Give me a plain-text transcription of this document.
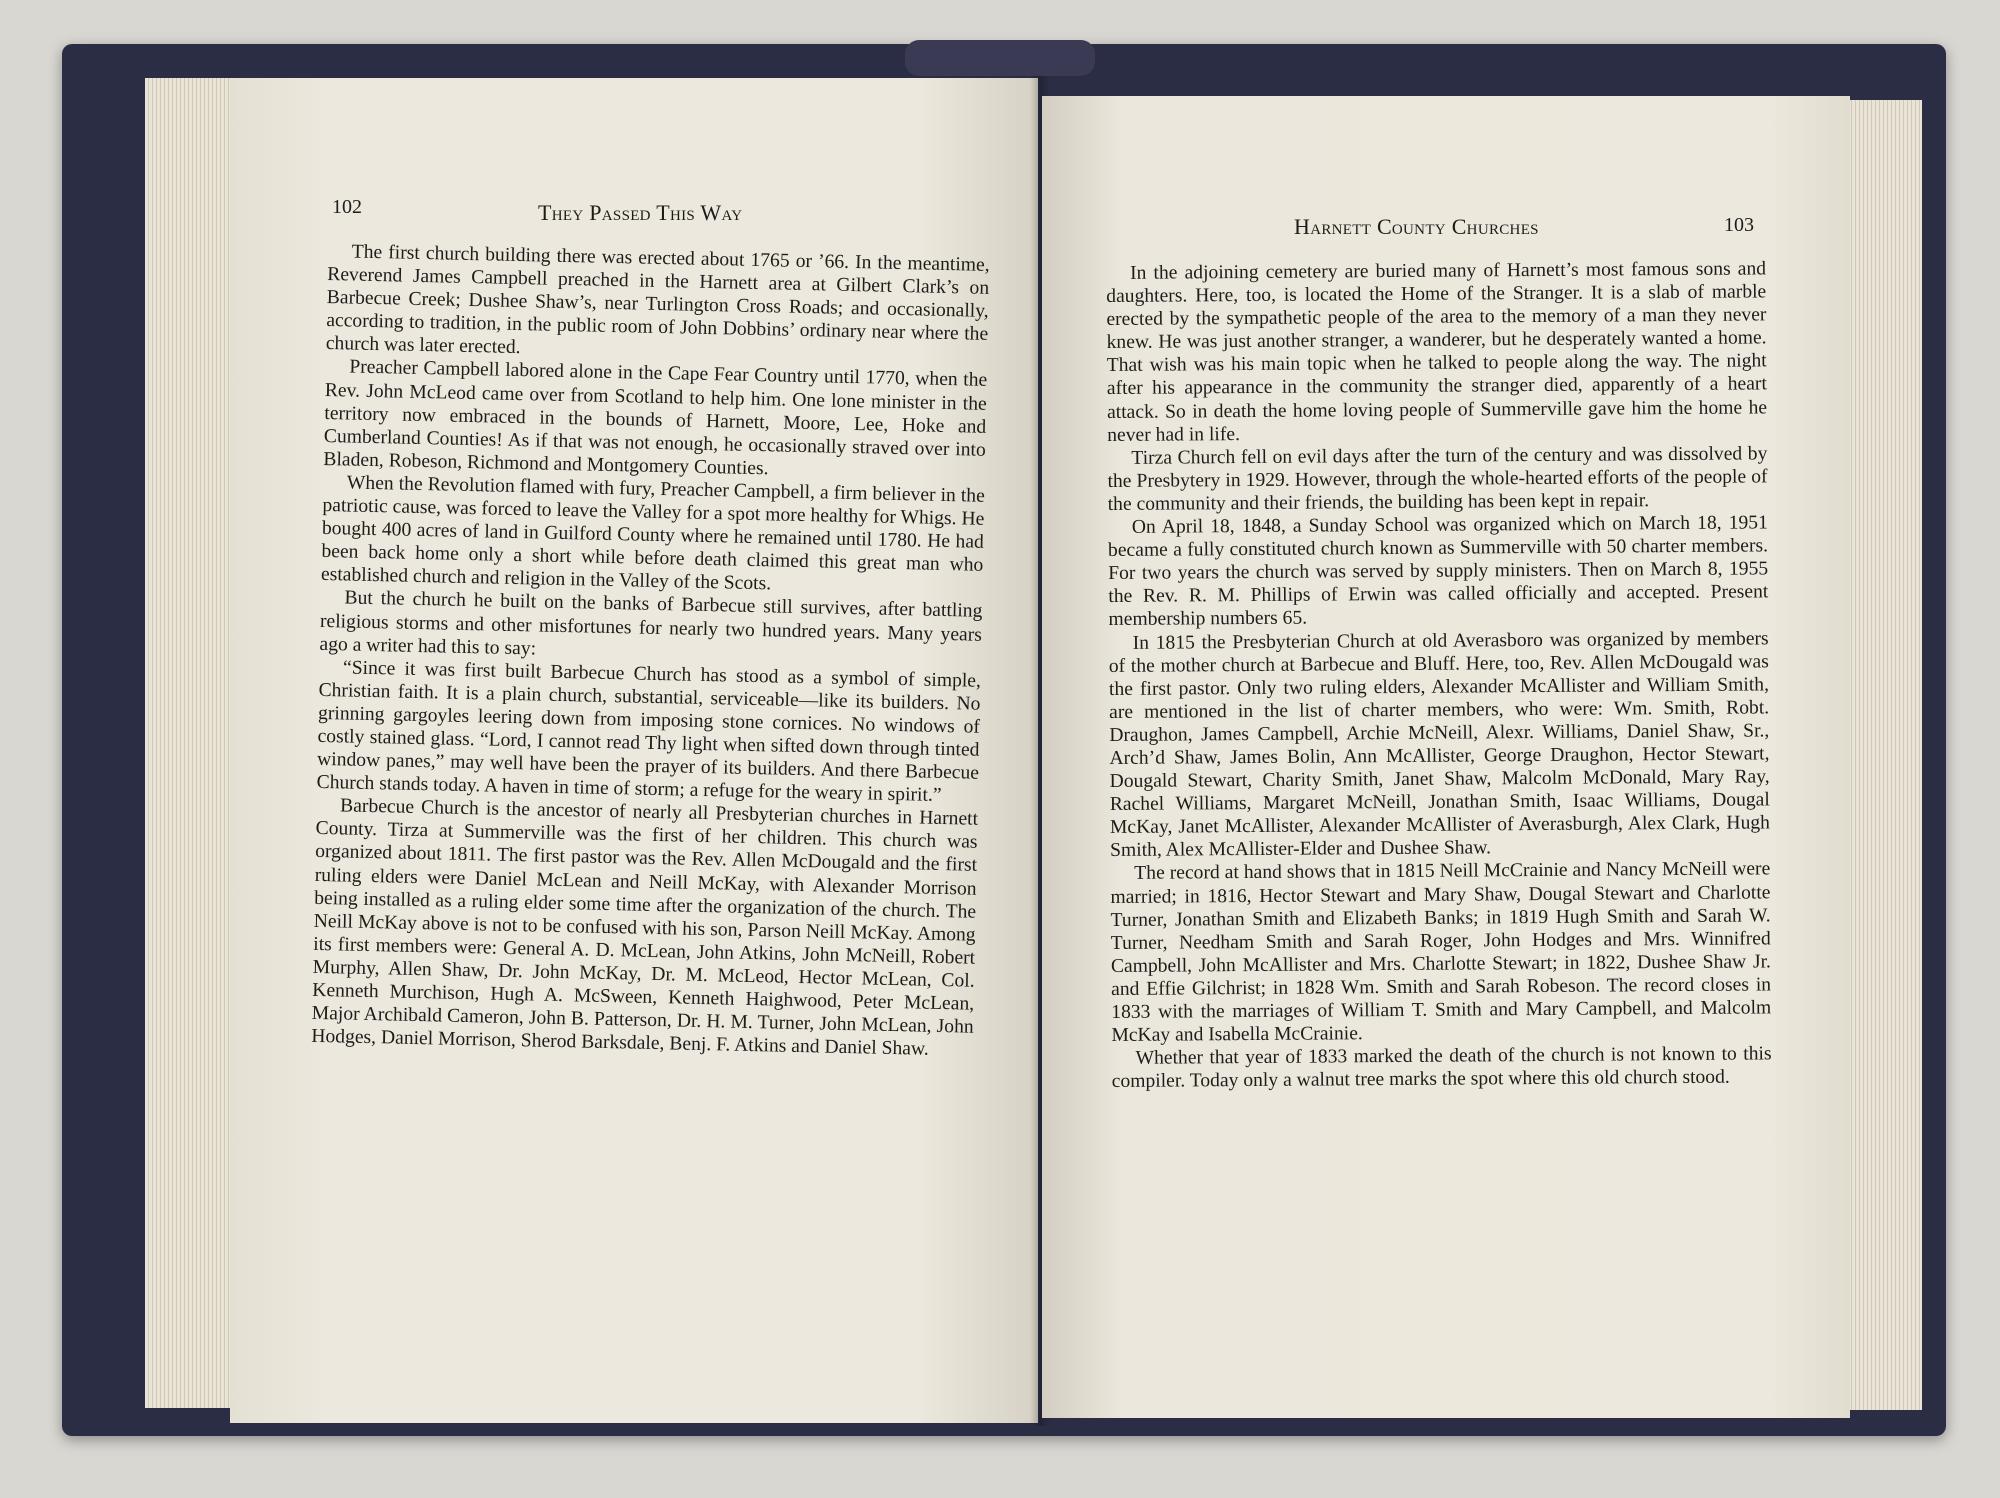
102	They Passed This Way

The first church building there was erected about 1765 or ’66. In the meantime, Reverend James Campbell preached in the Harnett area at Gilbert Clark’s on Barbecue Creek; Dushee Shaw’s, near Turlington Cross Roads; and occasionally, according to tradition, in the public room of John Dobbins’ ordinary near where the church was later erected.

Preacher Campbell labored alone in the Cape Fear Country until 1770, when the Rev. John McLeod came over from Scotland to help him. One lone minister in the territory now embraced in the bounds of Harnett, Moore, Lee, Hoke and Cumberland Counties! As if that was not enough, he occasionally straved over into Bladen, Robeson, Richmond and Montgomery Counties.

When the Revolution flamed with fury, Preacher Campbell, a firm believer in the patriotic cause, was forced to leave the Valley for a spot more healthy for Whigs. He bought 400 acres of land in Guilford County where he remained until 1780. He had been back home only a short while before death claimed this great man who established church and religion in the Valley of the Scots.

But the church he built on the banks of Barbecue still survives, after battling religious storms and other misfortunes for nearly two hundred years. Many years ago a writer had this to say:

“Since it was first built Barbecue Church has stood as a symbol of simple, Christian faith. It is a plain church, substantial, serviceable—like its builders. No grinning gargoyles leering down from imposing stone cornices. No windows of costly stained glass. “Lord, I cannot read Thy light when sifted down through tinted window panes,” may well have been the prayer of its builders. And there Barbecue Church stands today. A haven in time of storm; a refuge for the weary in spirit.”

Barbecue Church is the ancestor of nearly all Presbyterian churches in Harnett County. Tirza at Summerville was the first of her children. This church was organized about 1811. The first pastor was the Rev. Allen McDougald and the first ruling elders were Daniel McLean and Neill McKay, with Alexander Morrison being installed as a ruling elder some time after the organization of the church. The Neill McKay above is not to be confused with his son, Parson Neill McKay. Among its first members were: General A. D. McLean, John Atkins, John McNeill, Robert Murphy, Allen Shaw, Dr. John McKay, Dr. M. McLeod, Hector McLean, Col. Kenneth Murchison, Hugh A. McSween, Kenneth Haighwood, Peter McLean, Major Archibald Cameron, John B. Patterson, Dr. H. M. Turner, John McLean, John Hodges, Daniel Morrison, Sherod Barksdale, Benj. F. Atkins and Daniel Shaw.

Harnett County Churches	103

In the adjoining cemetery are buried many of Harnett’s most famous sons and daughters. Here, too, is located the Home of the Stranger. It is a slab of marble erected by the sympathetic people of the area to the memory of a man they never knew. He was just another stranger, a wanderer, but he desperately wanted a home. That wish was his main topic when he talked to people along the way. The night after his appearance in the community the stranger died, apparently of a heart attack. So in death the home loving people of Summerville gave him the home he never had in life.

Tirza Church fell on evil days after the turn of the century and was dissolved by the Presbytery in 1929. However, through the whole-hearted efforts of the people of the community and their friends, the building has been kept in repair.

On April 18, 1848, a Sunday School was organized which on March 18, 1951 became a fully constituted church known as Summerville with 50 charter members. For two years the church was served by supply ministers. Then on March 8, 1955 the Rev. R. M. Phillips of Erwin was called officially and accepted. Present membership numbers 65.

In 1815 the Presbyterian Church at old Averasboro was organized by members of the mother church at Barbecue and Bluff. Here, too, Rev. Allen McDougald was the first pastor. Only two ruling elders, Alexander McAllister and William Smith, are mentioned in the list of charter members, who were: Wm. Smith, Robt. Draughon, James Campbell, Archie McNeill, Alexr. Williams, Daniel Shaw, Sr., Arch’d Shaw, James Bolin, Ann McAllister, George Draughon, Hector Stewart, Dougald Stewart, Charity Smith, Janet Shaw, Malcolm McDonald, Mary Ray, Rachel Williams, Margaret McNeill, Jonathan Smith, Isaac Williams, Dougal McKay, Janet McAllister, Alexander McAllister of Averasburgh, Alex Clark, Hugh Smith, Alex McAllister-Elder and Dushee Shaw.

The record at hand shows that in 1815 Neill McCrainie and Nancy McNeill were married; in 1816, Hector Stewart and Mary Shaw, Dougal Stewart and Charlotte Turner, Jonathan Smith and Elizabeth Banks; in 1819 Hugh Smith and Sarah W. Turner, Needham Smith and Sarah Roger, John Hodges and Mrs. Winnifred Campbell, John McAllister and Mrs. Charlotte Stewart; in 1822, Dushee Shaw Jr. and Effie Gilchrist; in 1828 Wm. Smith and Sarah Robeson. The record closes in 1833 with the marriages of William T. Smith and Mary Campbell, and Malcolm McKay and Isabella McCrainie.

Whether that year of 1833 marked the death of the church is not known to this compiler. Today only a walnut tree marks the spot where this old church stood.
